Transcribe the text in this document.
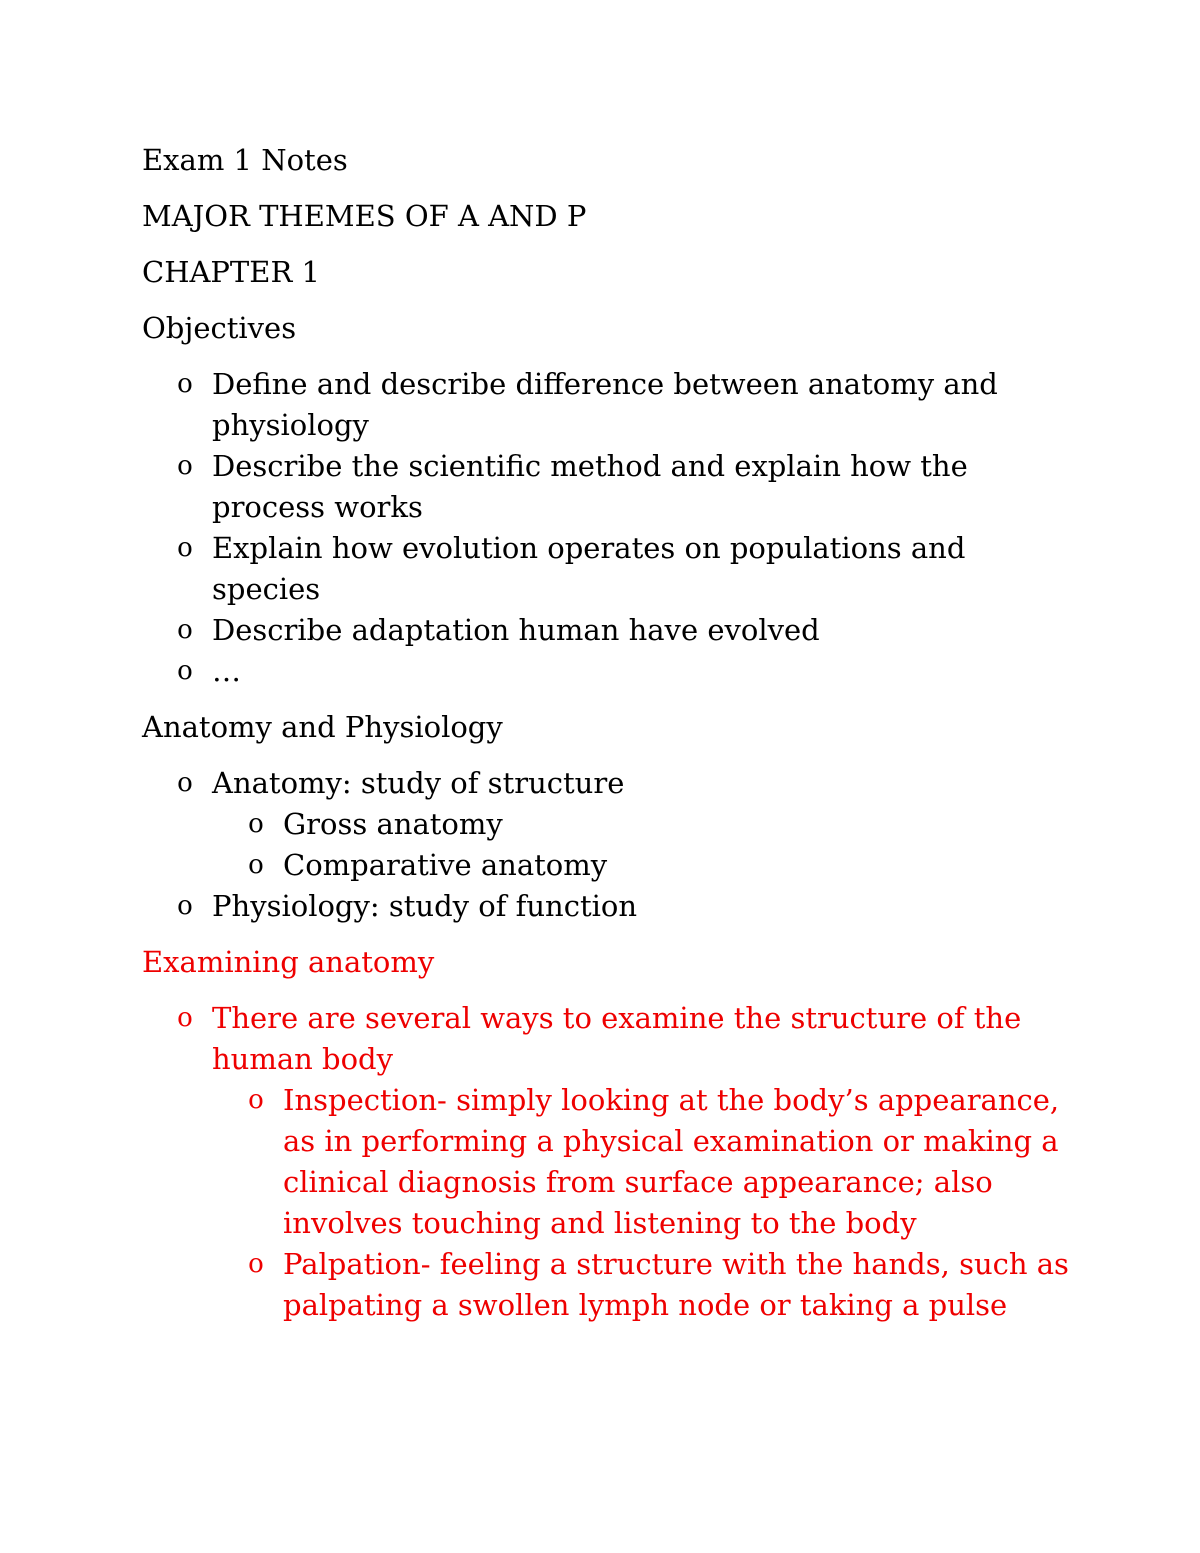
Exam 1 Notes
MAJOR THEMES OF A AND P
CHAPTER 1
Objectives
o Define and describe difference between anatomy and physiology
o Describe the scientific method and explain how the process works
o Explain how evolution operates on populations and species
o Describe adaptation human have evolved
o …
Anatomy and Physiology
o Anatomy: study of structure
o Gross anatomy
o Comparative anatomy
o Physiology: study of function
Examining anatomy
o There are several ways to examine the structure of the human body
o Inspection- simply looking at the body’s appearance, as in performing a physical examination or making a clinical diagnosis from surface appearance; also involves touching and listening to the body
o Palpation- feeling a structure with the hands, such as palpating a swollen lymph node or taking a pulse
